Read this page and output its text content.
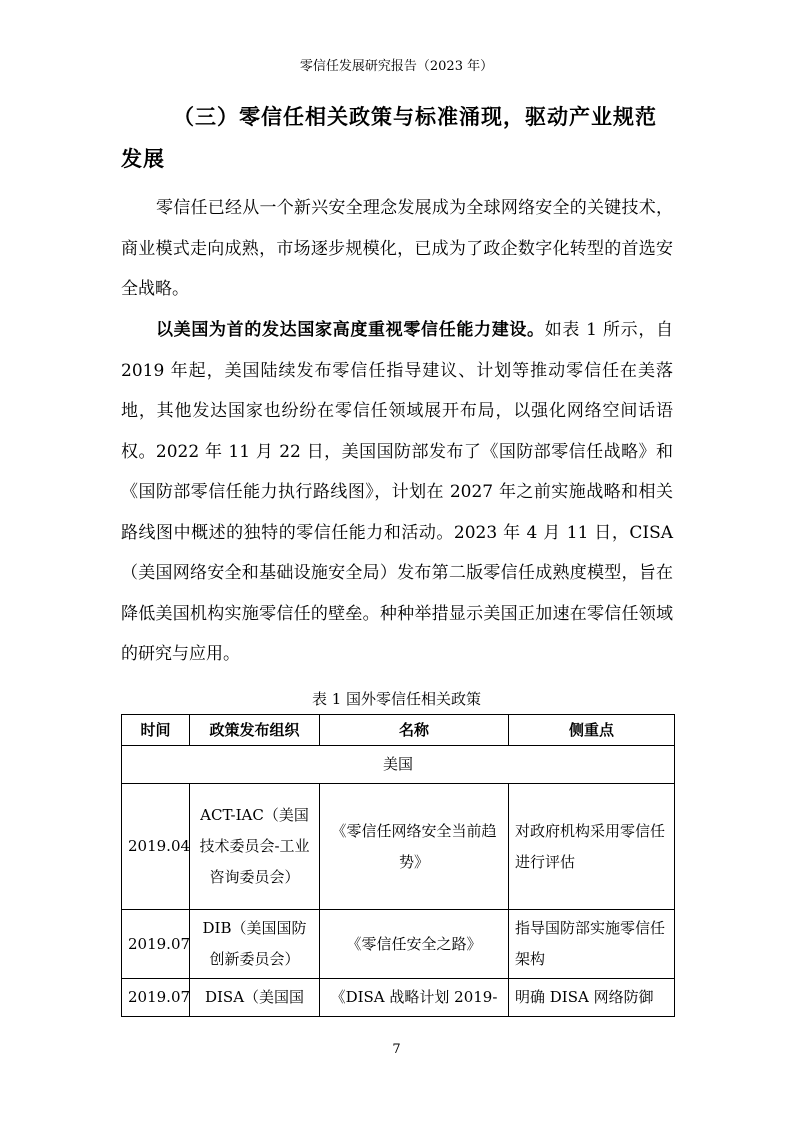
零信任发展研究报告（2023 年）
（三）零信任相关政策与标准涌现，驱动产业规范发展
零信任已经从一个新兴安全理念发展成为全球网络安全的关键技术，商业模式走向成熟，市场逐步规模化，已成为了政企数字化转型的首选安全战略。
以美国为首的发达国家高度重视零信任能力建设。如表 1 所示，自 2019 年起，美国陆续发布零信任指导建议、计划等推动零信任在美落地，其他发达国家也纷纷在零信任领域展开布局，以强化网络空间话语权。2022 年 11 月 22 日，美国国防部发布了《国防部零信任战略》和《国防部零信任能力执行路线图》，计划在 2027 年之前实施战略和相关路线图中概述的独特的零信任能力和活动。2023 年 4 月 11 日，CISA（美国网络安全和基础设施安全局）发布第二版零信任成熟度模型，旨在降低美国机构实施零信任的壁垒。种种举措显示美国正加速在零信任领域的研究与应用。
表 1 国外零信任相关政策
时间	政策发布组织	名称	侧重点
美国			
2019.04	ACT-IAC（美国技术委员会-工业咨询委员会）	《零信任网络安全当前趋势》	对政府机构采用零信任进行评估
2019.07	DIB（美国国防创新委员会）	《零信任安全之路》	指导国防部实施零信任架构
2019.07	DISA（美国国	《DISA 战略计划 2019-	明确 DISA 网络防御
7
